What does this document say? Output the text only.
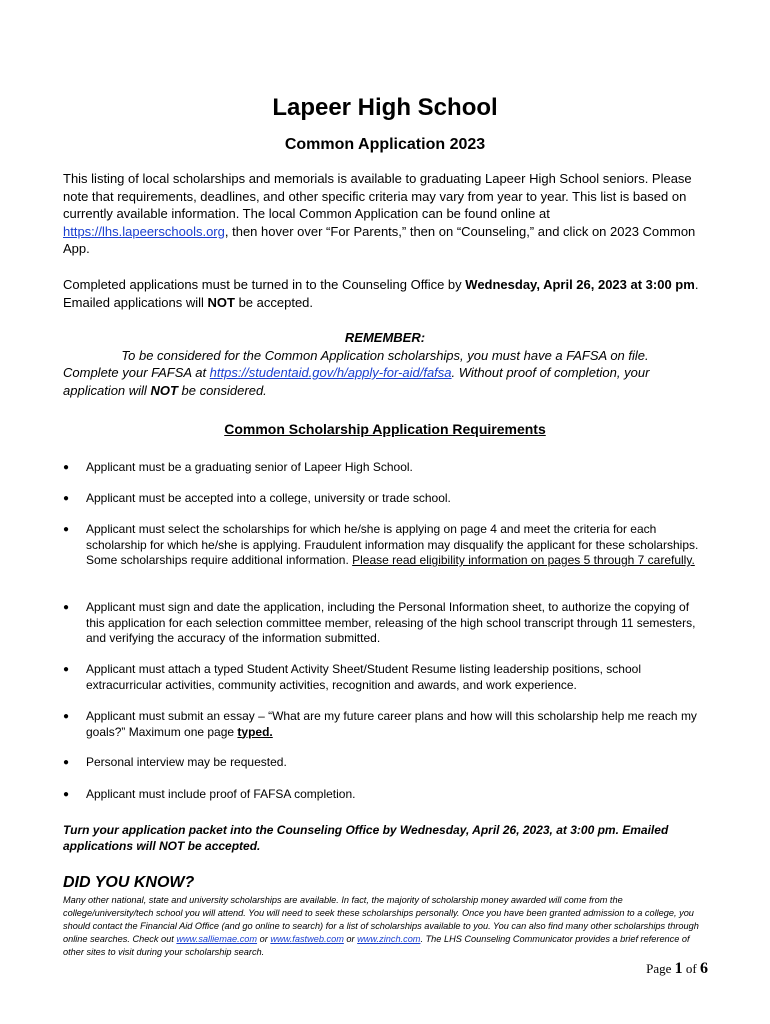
Lapeer High School
Common Application 2023
This listing of local scholarships and memorials is available to graduating Lapeer High School seniors. Please note that requirements, deadlines, and other specific criteria may vary from year to year. This list is based on currently available information. The local Common Application can be found online at https://lhs.lapeerschools.org, then hover over “For Parents,” then on “Counseling,” and click on 2023 Common App.
Completed applications must be turned in to the Counseling Office by Wednesday, April 26, 2023 at 3:00 pm. Emailed applications will NOT be accepted.
REMEMBER:
To be considered for the Common Application scholarships, you must have a FAFSA on file.
Complete your FAFSA at https://studentaid.gov/h/apply-for-aid/fafsa. Without proof of completion, your application will NOT be considered.
Common Scholarship Application Requirements
● Applicant must be a graduating senior of Lapeer High School.
● Applicant must be accepted into a college, university or trade school.
● Applicant must select the scholarships for which he/she is applying on page 4 and meet the criteria for each scholarship for which he/she is applying. Fraudulent information may disqualify the applicant for these scholarships. Some scholarships require additional information. Please read eligibility information on pages 5 through 7 carefully.
● Applicant must sign and date the application, including the Personal Information sheet, to authorize the copying of this application for each selection committee member, releasing of the high school transcript through 11 semesters, and verifying the accuracy of the information submitted.
● Applicant must attach a typed Student Activity Sheet/Student Resume listing leadership positions, school extracurricular activities, community activities, recognition and awards, and work experience.
● Applicant must submit an essay – “What are my future career plans and how will this scholarship help me reach my goals?” Maximum one page typed.
● Personal interview may be requested.
● Applicant must include proof of FAFSA completion.
Turn your application packet into the Counseling Office by Wednesday, April 26, 2023, at 3:00 pm. Emailed applications will NOT be accepted.
DID YOU KNOW?
Many other national, state and university scholarships are available. In fact, the majority of scholarship money awarded will come from the college/university/tech school you will attend. You will need to seek these scholarships personally. Once you have been granted admission to a college, you should contact the Financial Aid Office (and go online to search) for a list of scholarships available to you. You can also find many other scholarships through online searches. Check out www.salliemae.com or www.fastweb.com or www.zinch.com. The LHS Counseling Communicator provides a brief reference of other sites to visit during your scholarship search.
Page 1 of 6
